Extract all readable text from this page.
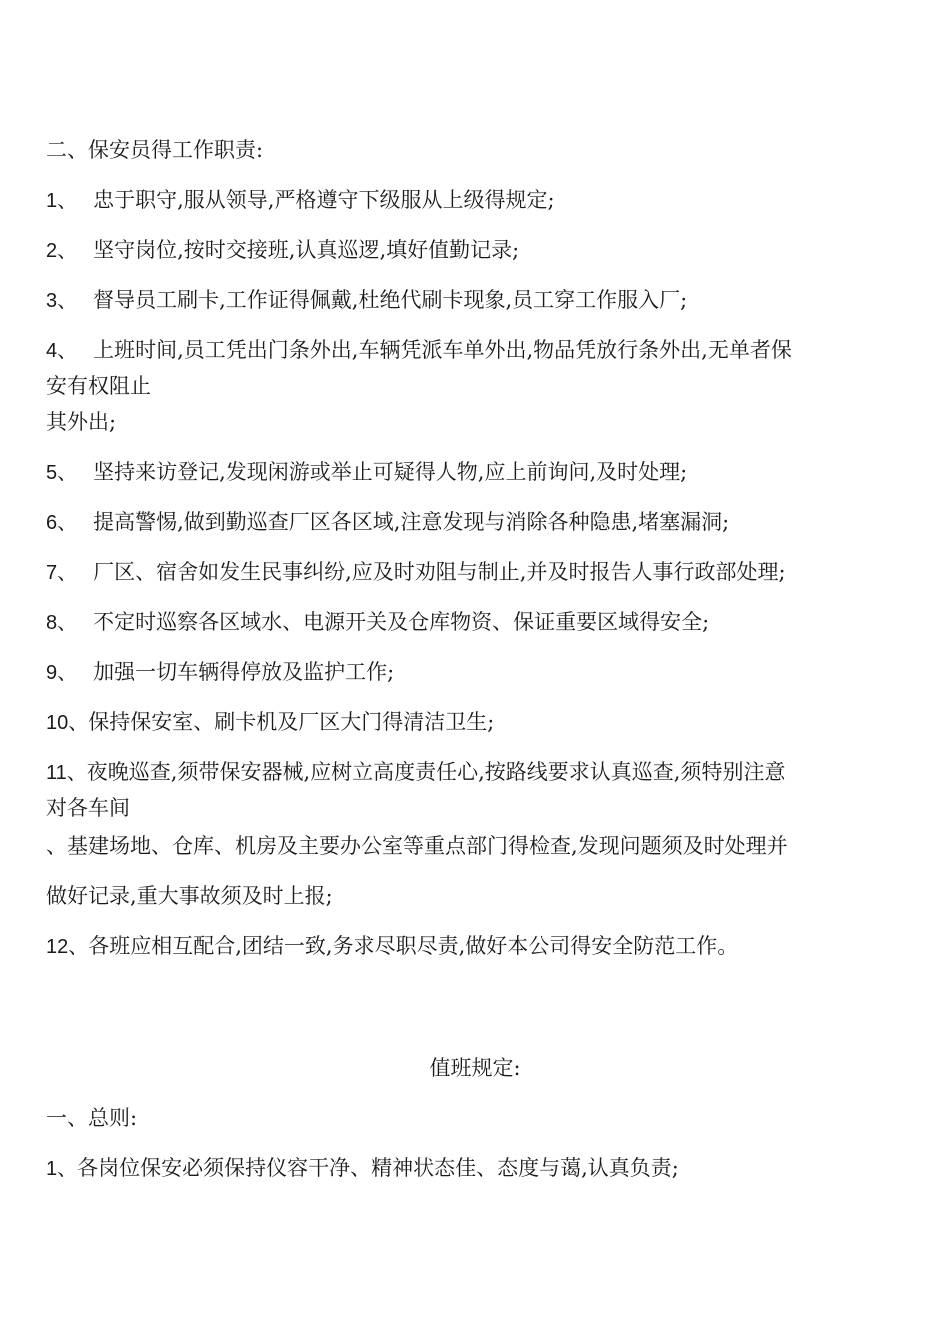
二、保安员得工作职责:
1、 忠于职守,服从领导,严格遵守下级服从上级得规定;
2、 坚守岗位,按时交接班,认真巡逻,填好值勤记录;
3、 督导员工刷卡,工作证得佩戴,杜绝代刷卡现象,员工穿工作服入厂;
4、 上班时间,员工凭出门条外出,车辆凭派车单外出,物品凭放行条外出,无单者保
安有权阻止
其外出;
5、 坚持来访登记,发现闲游或举止可疑得人物,应上前询问,及时处理;
6、 提高警惕,做到勤巡查厂区各区域,注意发现与消除各种隐患,堵塞漏洞;
7、 厂区、宿舍如发生民事纠纷,应及时劝阻与制止,并及时报告人事行政部处理;
8、 不定时巡察各区域水、电源开关及仓库物资、保证重要区域得安全;
9、 加强一切车辆得停放及监护工作;
10、保持保安室、刷卡机及厂区大门得清洁卫生;
11、夜晚巡查,须带保安器械,应树立高度责任心,按路线要求认真巡查,须特别注意
对各车间
、基建场地、仓库、机房及主要办公室等重点部门得检查,发现问题须及时处理并
做好记录,重大事故须及时上报;
12、各班应相互配合,团结一致,务求尽职尽责,做好本公司得安全防范工作。
值班规定:
一、总则:
1、各岗位保安必须保持仪容干净、精神状态佳、态度与蔼,认真负责;
